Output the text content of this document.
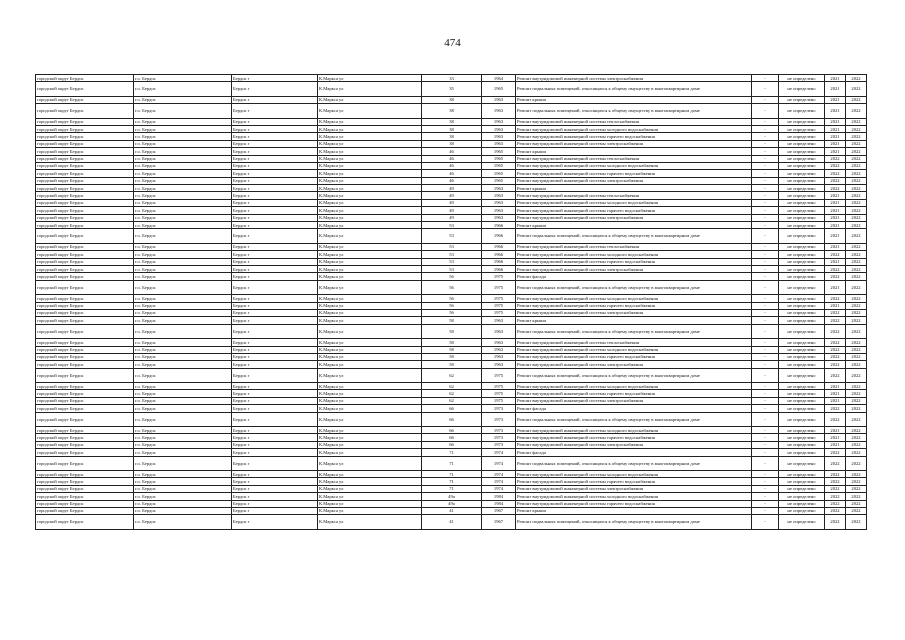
474
городской округ Бердск	г.о. Бердск	Бердск г	К.Маркса ул	33	1964	Ремонт внутридомовой инженерной системы электроснабжения	-	не определено	2021	2022
городской округ Бердск	г.о. Бердск	Бердск г	К.Маркса ул	35	1965	Ремонт подвальных помещений, относящихся к общему имуществу в многоквартирном доме	-	не определено	2021	2022
городской округ Бердск	г.о. Бердск	Бердск г	К.Маркса ул	38	1963	Ремонт крыши	-	не определено	2021	2022
городской округ Бердск	г.о. Бердск	Бердск г	К.Маркса ул	38	1963	Ремонт подвальных помещений, относящихся к общему имуществу в многоквартирном доме	-	не определено	2021	2022
городской округ Бердск	г.о. Бердск	Бердск г	К.Маркса ул	38	1963	Ремонт внутридомовой инженерной системы теплоснабжения	-	не определено	2021	2022
городской округ Бердск	г.о. Бердск	Бердск г	К.Маркса ул	38	1963	Ремонт внутридомовой инженерной системы холодного водоснабжения	-	не определено	2021	2022
городской округ Бердск	г.о. Бердск	Бердск г	К.Маркса ул	38	1963	Ремонт внутридомовой инженерной системы горячего водоснабжения	-	не определено	2021	2022
городской округ Бердск	г.о. Бердск	Бердск г	К.Маркса ул	38	1963	Ремонт внутридомовой инженерной системы электроснабжения	-	не определено	2021	2022
городской округ Бердск	г.о. Бердск	Бердск г	К.Маркса ул	46	1965	Ремонт крыши	-	не определено	2021	2022
городской округ Бердск	г.о. Бердск	Бердск г	К.Маркса ул	46	1965	Ремонт внутридомовой инженерной системы теплоснабжения	-	не определено	2022	2022
городской округ Бердск	г.о. Бердск	Бердск г	К.Маркса ул	46	1965	Ремонт внутридомовой инженерной системы холодного водоснабжения	-	не определено	2022	2022
городской округ Бердск	г.о. Бердск	Бердск г	К.Маркса ул	46	1965	Ремонт внутридомовой инженерной системы горячего водоснабжения	-	не определено	2022	2022
городской округ Бердск	г.о. Бердск	Бердск г	К.Маркса ул	46	1965	Ремонт внутридомовой инженерной системы электроснабжения	-	не определено	2022	2022
городской округ Бердск	г.о. Бердск	Бердск г	К.Маркса ул	49	1963	Ремонт крыши	-	не определено	2022	2022
городской округ Бердск	г.о. Бердск	Бердск г	К.Маркса ул	49	1963	Ремонт внутридомовой инженерной системы теплоснабжения	-	не определено	2021	2022
городской округ Бердск	г.о. Бердск	Бердск г	К.Маркса ул	49	1963	Ремонт внутридомовой инженерной системы холодного водоснабжения	-	не определено	2021	2022
городской округ Бердск	г.о. Бердск	Бердск г	К.Маркса ул	49	1963	Ремонт внутридомовой инженерной системы горячего водоснабжения	-	не определено	2021	2022
городской округ Бердск	г.о. Бердск	Бердск г	К.Маркса ул	49	1963	Ремонт внутридомовой инженерной системы электроснабжения	-	не определено	2021	2022
городской округ Бердск	г.о. Бердск	Бердск г	К.Маркса ул	53	1966	Ремонт крыши	-	не определено	2021	2022
городской округ Бердск	г.о. Бердск	Бердск г	К.Маркса ул	53	1966	Ремонт подвальных помещений, относящихся к общему имуществу в многоквартирном доме	-	не определено	2021	2022
городской округ Бердск	г.о. Бердск	Бердск г	К.Маркса ул	53	1966	Ремонт внутридомовой инженерной системы теплоснабжения	-	не определено	2021	2022
городской округ Бердск	г.о. Бердск	Бердск г	К.Маркса ул	53	1966	Ремонт внутридомовой инженерной системы холодного водоснабжения	-	не определено	2022	2022
городской округ Бердск	г.о. Бердск	Бердск г	К.Маркса ул	53	1966	Ремонт внутридомовой инженерной системы горячего водоснабжения	-	не определено	2021	2022
городской округ Бердск	г.о. Бердск	Бердск г	К.Маркса ул	53	1966	Ремонт внутридомовой инженерной системы электроснабжения	-	не определено	2022	2022
городской округ Бердск	г.о. Бердск	Бердск г	К.Маркса ул	56	1975	Ремонт фасада	-	не определено	2022	2022
городской округ Бердск	г.о. Бердск	Бердск г	К.Маркса ул	56	1975	Ремонт подвальных помещений, относящихся к общему имуществу в многоквартирном доме	-	не определено	2021	2022
городской округ Бердск	г.о. Бердск	Бердск г	К.Маркса ул	56	1975	Ремонт внутридомовой инженерной системы холодного водоснабжения	-	не определено	2022	2022
городской округ Бердск	г.о. Бердск	Бердск г	К.Маркса ул	56	1975	Ремонт внутридомовой инженерной системы горячего водоснабжения	-	не определено	2021	2022
городской округ Бердск	г.о. Бердск	Бердск г	К.Маркса ул	56	1975	Ремонт внутридомовой инженерной системы электроснабжения	-	не определено	2022	2022
городской округ Бердск	г.о. Бердск	Бердск г	К.Маркса ул	58	1963	Ремонт крыши	-	не определено	2022	2022
городской округ Бердск	г.о. Бердск	Бердск г	К.Маркса ул	58	1963	Ремонт подвальных помещений, относящихся к общему имуществу в многоквартирном доме	-	не определено	2022	2022
городской округ Бердск	г.о. Бердск	Бердск г	К.Маркса ул	58	1963	Ремонт внутридомовой инженерной системы теплоснабжения	-	не определено	2022	2022
городской округ Бердск	г.о. Бердск	Бердск г	К.Маркса ул	58	1963	Ремонт внутридомовой инженерной системы холодного водоснабжения	-	не определено	2022	2022
городской округ Бердск	г.о. Бердск	Бердск г	К.Маркса ул	58	1963	Ремонт внутридомовой инженерной системы горячего водоснабжения	-	не определено	2022	2022
городской округ Бердск	г.о. Бердск	Бердск г	К.Маркса ул	58	1963	Ремонт внутридомовой инженерной системы электроснабжения	-	не определено	2022	2022
городской округ Бердск	г.о. Бердск	Бердск г	К.Маркса ул	62	1975	Ремонт подвальных помещений, относящихся к общему имуществу в многоквартирном доме	-	не определено	2022	2022
городской округ Бердск	г.о. Бердск	Бердск г	К.Маркса ул	62	1975	Ремонт внутридомовой инженерной системы холодного водоснабжения	-	не определено	2021	2022
городской округ Бердск	г.о. Бердск	Бердск г	К.Маркса ул	62	1975	Ремонт внутридомовой инженерной системы горячего водоснабжения	-	не определено	2021	2022
городской округ Бердск	г.о. Бердск	Бердск г	К.Маркса ул	62	1975	Ремонт внутридомовой инженерной системы электроснабжения	-	не определено	2021	2022
городской округ Бердск	г.о. Бердск	Бердск г	К.Маркса ул	66	1973	Ремонт фасада	-	не определено	2022	2022
городской округ Бердск	г.о. Бердск	Бердск г	К.Маркса ул	66	1973	Ремонт подвальных помещений, относящихся к общему имуществу в многоквартирном доме	-	не определено	2022	2022
городской округ Бердск	г.о. Бердск	Бердск г	К.Маркса ул	66	1973	Ремонт внутридомовой инженерной системы холодного водоснабжения	-	не определено	2021	2022
городской округ Бердск	г.о. Бердск	Бердск г	К.Маркса ул	66	1973	Ремонт внутридомовой инженерной системы горячего водоснабжения	-	не определено	2021	2022
городской округ Бердск	г.о. Бердск	Бердск г	К.Маркса ул	66	1973	Ремонт внутридомовой инженерной системы электроснабжения	-	не определено	2021	2022
городской округ Бердск	г.о. Бердск	Бердск г	К.Маркса ул	71	1974	Ремонт фасада	-	не определено	2022	2022
городской округ Бердск	г.о. Бердск	Бердск г	К.Маркса ул	71	1974	Ремонт подвальных помещений, относящихся к общему имуществу в многоквартирном доме	-	не определено	2022	2022
городской округ Бердск	г.о. Бердск	Бердск г	К.Маркса ул	71	1974	Ремонт внутридомовой инженерной системы холодного водоснабжения	-	не определено	2022	2022
городской округ Бердск	г.о. Бердск	Бердск г	К.Маркса ул	71	1974	Ремонт внутридомовой инженерной системы горячего водоснабжения	-	не определено	2022	2022
городской округ Бердск	г.о. Бердск	Бердск г	К.Маркса ул	71	1974	Ремонт внутридомовой инженерной системы электроснабжения	-	не определено	2022	2022
городской округ Бердск	г.о. Бердск	Бердск г	К.Маркса ул	49а	1984	Ремонт внутридомовой инженерной системы холодного водоснабжения	-	не определено	2022	2022
городской округ Бердск	г.о. Бердск	Бердск г	К.Маркса ул	49а	1984	Ремонт внутридомовой инженерной системы горячего водоснабжения	-	не определено	2022	2022
городской округ Бердск	г.о. Бердск	Бердск г	К.Маркса ул	41	1967	Ремонт крыши	-	не определено	2022	2022
городской округ Бердск	г.о. Бердск	Бердск г	К.Маркса ул	41	1967	Ремонт подвальных помещений, относящихся к общему имуществу в многоквартирном доме	-	не определено	2022	2022
